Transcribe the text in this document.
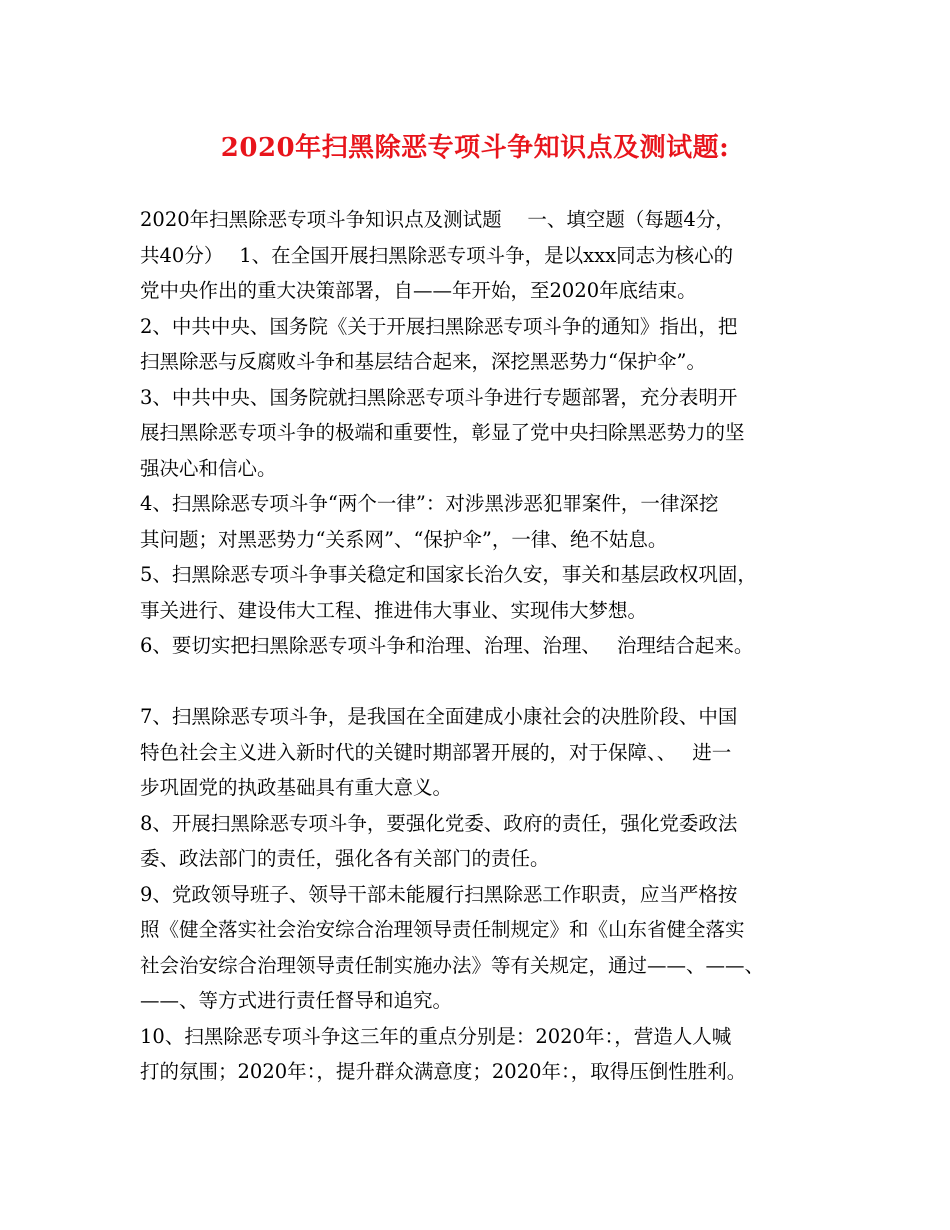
2020年扫黑除恶专项斗争知识点及测试题:
2020年扫黑除恶专项斗争知识点及测试题　 一、填空题（每题4分，
共40分）　 1、在全国开展扫黑除恶专项斗争，是以xxx同志为核心的
党中央作出的重大决策部署，自——年开始，至2020年底结束。
2、中共中央、国务院《关于开展扫黑除恶专项斗争的通知》指出，把
扫黑除恶与反腐败斗争和基层结合起来，深挖黑恶势力“保护伞”。
3、中共中央、国务院就扫黑除恶专项斗争进行专题部署，充分表明开
展扫黑除恶专项斗争的极端和重要性，彰显了党中央扫除黑恶势力的坚
强决心和信心。
4、扫黑除恶专项斗争“两个一律”：对涉黑涉恶犯罪案件，一律深挖
其问题；对黑恶势力“关系网”、“保护伞”，一律、绝不姑息。
5、扫黑除恶专项斗争事关稳定和国家长治久安，事关和基层政权巩固，
事关进行、建设伟大工程、推进伟大事业、实现伟大梦想。
6、要切实把扫黑除恶专项斗争和治理、治理、治理、　 治理结合起来。
7、扫黑除恶专项斗争，是我国在全面建成小康社会的决胜阶段、中国
特色社会主义进入新时代的关键时期部署开展的，对于保障、、　 进一
步巩固党的执政基础具有重大意义。
8、开展扫黑除恶专项斗争，要强化党委、政府的责任，强化党委政法
委、政法部门的责任，强化各有关部门的责任。
9、党政领导班子、领导干部未能履行扫黑除恶工作职责，应当严格按
照《健全落实社会治安综合治理领导责任制规定》和《山东省健全落实
社会治安综合治理领导责任制实施办法》等有关规定，通过——、——、
——、等方式进行责任督导和追究。
10、扫黑除恶专项斗争这三年的重点分别是：2020年：，营造人人喊
打的氛围；2020年：，提升群众满意度；2020年：，取得压倒性胜利。
